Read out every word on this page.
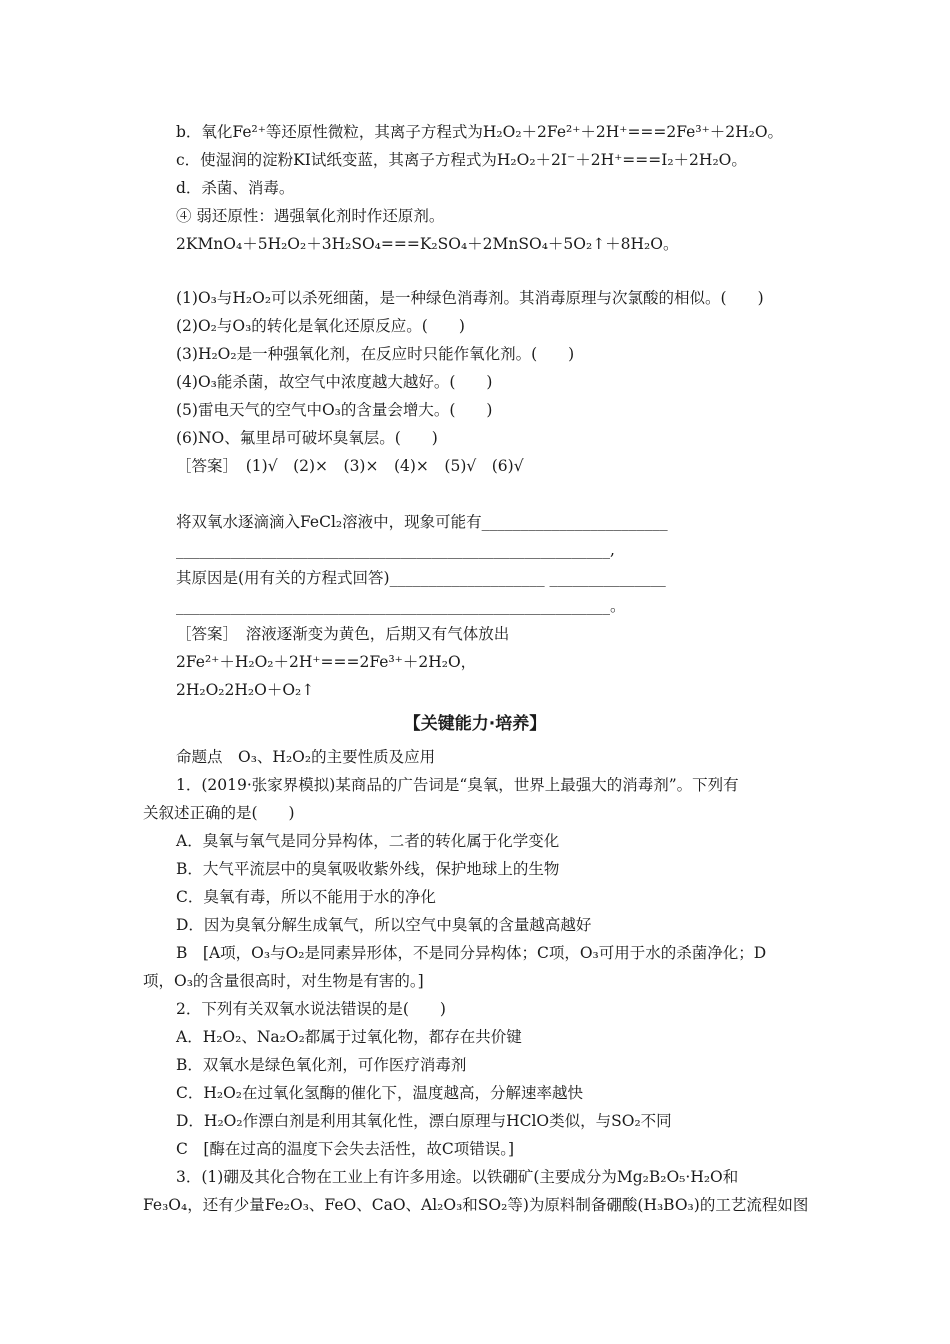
b．氧化Fe²⁺等还原性微粒，其离子方程式为H₂O₂＋2Fe²⁺＋2H⁺===2Fe³⁺＋2H₂O。
c．使湿润的淀粉KI试纸变蓝，其离子方程式为H₂O₂＋2I⁻＋2H⁺===I₂＋2H₂O。
d．杀菌、消毒。
④ 弱还原性：遇强氧化剂时作还原剂。
2KMnO₄＋5H₂O₂＋3H₂SO₄===K₂SO₄＋2MnSO₄＋5O₂↑＋8H₂O。
(1)O₃与H₂O₂可以杀死细菌，是一种绿色消毒剂。其消毒原理与次氯酸的相似。(　　)
(2)O₂与O₃的转化是氧化还原反应。(　　)
(3)H₂O₂是一种强氧化剂，在反应时只能作氧化剂。(　　)
(4)O₃能杀菌，故空气中浓度越大越好。(　　)
(5)雷电天气的空气中O₃的含量会增大。(　　)
(6)NO、氟里昂可破坏臭氧层。(　　)
［答案］　(1)√　(2)×　(3)×　(4)×　(5)√　(6)√
将双氧水逐滴滴入FeCl₂溶液中，现象可能有________________________
________________________________________________________,
其原因是(用有关的方程式回答)____________________ _______________
________________________________________________________。
［答案］　溶液逐渐变为黄色，后期又有气体放出
2Fe²⁺＋H₂O₂＋2H⁺===2Fe³⁺＋2H₂O，
2H₂O₂2H₂O＋O₂↑
【关键能力·培养】
命题点　O₃、H₂O₂的主要性质及应用
1．(2019·张家界模拟)某商品的广告词是“臭氧，世界上最强大的消毒剂”。下列有
关叙述正确的是(　　)
A．臭氧与氧气是同分异构体，二者的转化属于化学变化
B．大气平流层中的臭氧吸收紫外线，保护地球上的生物
C．臭氧有毒，所以不能用于水的净化
D．因为臭氧分解生成氧气，所以空气中臭氧的含量越高越好
B　[A项，O₃与O₂是同素异形体，不是同分异构体；C项，O₃可用于水的杀菌净化；D
项，O₃的含量很高时，对生物是有害的。]
2．下列有关双氧水说法错误的是(　　)
A．H₂O₂、Na₂O₂都属于过氧化物，都存在共价键
B．双氧水是绿色氧化剂，可作医疗消毒剂
C．H₂O₂在过氧化氢酶的催化下，温度越高，分解速率越快
D．H₂O₂作漂白剂是利用其氧化性，漂白原理与HClO类似，与SO₂不同
C　[酶在过高的温度下会失去活性，故C项错误。]
3．(1)硼及其化合物在工业上有许多用途。以铁硼矿(主要成分为Mg₂B₂O₅·H₂O和
Fe₃O₄，还有少量Fe₂O₃、FeO、CaO、Al₂O₃和SO₂等)为原料制备硼酸(H₃BO₃)的工艺流程如图
